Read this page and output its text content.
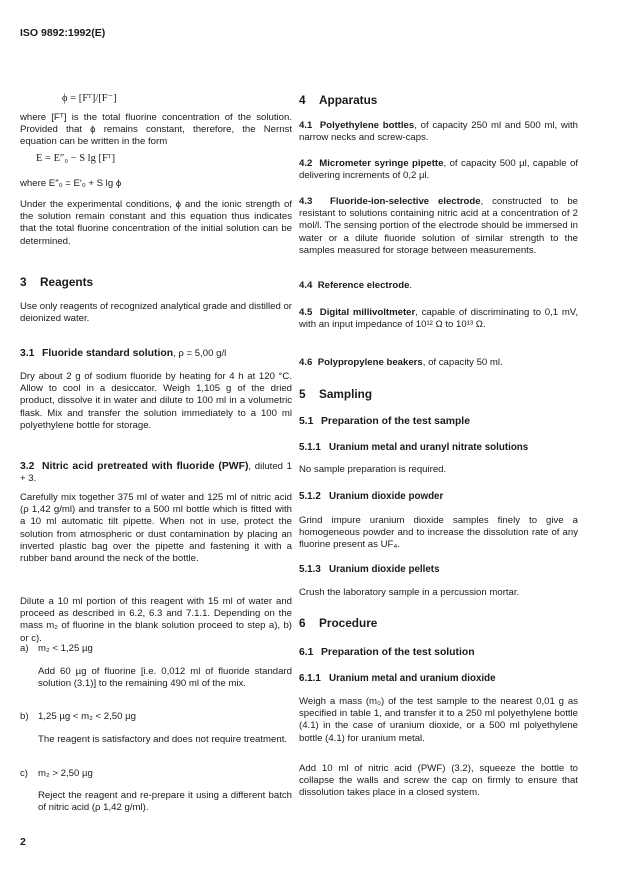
ISO 9892:1992(E)
ϕ = [Fᵀ]/[F⁻]
where [Fᵀ] is the total fluorine concentration of the solution. Provided that ϕ remains constant, therefore, the Nernst equation can be written in the form
E = E″₀ − S lg [Fᵀ]
where E″₀ = E′₀ + S lg ϕ
Under the experimental conditions, ϕ and the ionic strength of the solution remain constant and this equation thus indicates that the total fluorine concentration of the initial solution can be determined.
3 Reagents
Use only reagents of recognized analytical grade and distilled or deionized water.
3.1 Fluoride standard solution, ρ = 5,00 g/l
Dry about 2 g of sodium fluoride by heating for 4 h at 120 °C. Allow to cool in a desiccator. Weigh 1,105 g of the dried product, dissolve it in water and dilute to 100 ml in a volumetric flask. Mix and transfer the solution immediately to a 100 ml polyethylene bottle for storage.
3.2 Nitric acid pretreated with fluoride (PWF), diluted 1 + 3.
Carefully mix together 375 ml of water and 125 ml of nitric acid (ρ 1,42 g/ml) and transfer to a 500 ml bottle which is fitted with a 10 ml automatic tilt pipette. When not in use, protect the solution from atmospheric or dust contamination by placing an inverted plastic bag over the pipette and fastening it with a rubber band around the neck of the bottle.
Dilute a 10 ml portion of this reagent with 15 ml of water and proceed as described in 6.2, 6.3 and 7.1.1. Depending on the mass m₂ of fluorine in the blank solution proceed to step a), b) or c).
a) m₂ < 1,25 µg
Add 60 µg of fluorine [i.e. 0,012 ml of fluoride standard solution (3.1)] to the remaining 490 ml of the mix.
b) 1,25 µg < m₂ < 2,50 µg
The reagent is satisfactory and does not require treatment.
c) m₂ > 2,50 µg
Reject the reagent and re-prepare it using a different batch of nitric acid (ρ 1,42 g/ml).
4 Apparatus
4.1 Polyethylene bottles, of capacity 250 ml and 500 ml, with narrow necks and screw-caps.
4.2 Micrometer syringe pipette, of capacity 500 µl, capable of delivering increments of 0,2 µl.
4.3 Fluoride-ion-selective electrode, constructed to be resistant to solutions containing nitric acid at a concentration of 2 mol/l. The sensing portion of the electrode should be immersed in water or a dilute fluoride solution of similar strength to the samples measured for storage between measurements.
4.4 Reference electrode.
4.5 Digital millivoltmeter, capable of discriminating to 0,1 mV, with an input impedance of 10¹² Ω to 10¹³ Ω.
4.6 Polypropylene beakers, of capacity 50 ml.
5 Sampling
5.1 Preparation of the test sample
5.1.1 Uranium metal and uranyl nitrate solutions
No sample preparation is required.
5.1.2 Uranium dioxide powder
Grind impure uranium dioxide samples finely to give a homogeneous powder and to increase the dissolution rate of any fluorine present as UF₄.
5.1.3 Uranium dioxide pellets
Crush the laboratory sample in a percussion mortar.
6 Procedure
6.1 Preparation of the test solution
6.1.1 Uranium metal and uranium dioxide
Weigh a mass (m₀) of the test sample to the nearest 0,01 g as specified in table 1, and transfer it to a 250 ml polyethylene bottle (4.1) in the case of uranium dioxide, or a 500 ml polyethylene bottle (4.1) for uranium metal.
Add 10 ml of nitric acid (PWF) (3.2), squeeze the bottle to collapse the walls and screw the cap on firmly to ensure that dissolution takes place in a closed system.
2
